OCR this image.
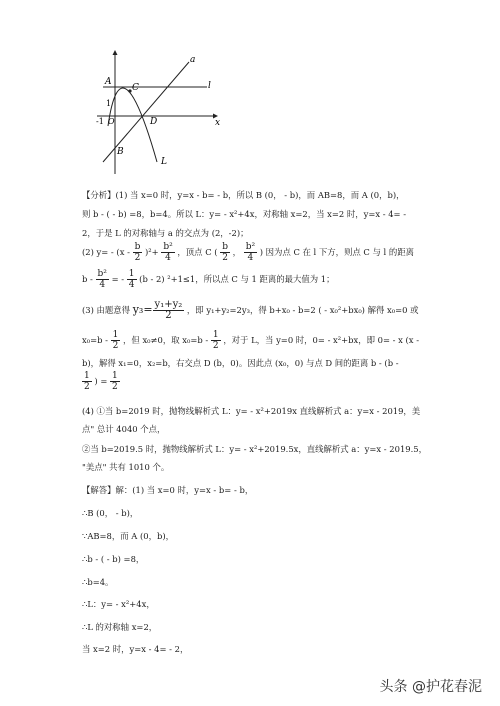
a
A	l
C
1
-1 O	D	x
B
L
【分析】(1) 当 x=0 时，y=x - b= - b，所以 B (0， - b)，而 AB=8，而 A (0，b)，
则 b - ( - b) =8，b=4。所以 L：y= - x²+4x，对称轴 x=2，当 x=2 时，y=x - 4= -
2，于是 L 的对称轴与 a 的交点为 (2，-2)；
(2) $y= - (x - \frac{b}{2} )^2+ \frac{\text{b²}}{4}$ ，顶点 C ( $\frac{b}{2}$ ， $\frac{\text{b²}}{4}$ ) 因为点 C 在 l 下方，则点 C 与 l 的距离
b - $\frac{\text{b²}}{4}$ = - $\frac{1}{4} (b - 2)$ ²+1≤1，所以点 C 与 1 距离的最大值为 1；
(3) 由题意得 $y_3= \frac{\text{y₁+y₂}}{2}$ ，即 y₁+y₂=2y₃，得 b+x₀ - b=2 ( - x₀²+bx₀) 解得 x₀=0 或
$x_0=b - \frac{1}{2}$ ，但 x₀≠0，取 $x_0=b - \frac{1}{2}$ ，对于 L，当 y=0 时，0= - x²+bx，即 0= - x (x -
b)，解得 x₁=0，x₂=b，右交点 D (b，0)。因此点 (x₀，0) 与点 D 间的距离 b - (b -
$\frac{1}{2}$ ) = $\frac{1}{2}$
(4) ①当 b=2019 时，抛物线解析式 L：y= - x²+2019x 直线解析式 a：y=x - 2019，美
点" 总计 4040 个点，
②当 b=2019.5 时，抛物线解析式 L：y= - x²+2019.5x，直线解析式 a：y=x - 2019.5，
"美点" 共有 1010 个。
【解答】解：(1) 当 x=0 时，y=x - b= - b，
∴B (0， - b)，
∵AB=8，而 A (0，b)，
∴b - ( - b) =8，
∴b=4。
∴L：y= - x²+4x，
∴L 的对称轴 x=2，
当 x=2 时，y=x - 4= - 2，
头条 @护花春泥
